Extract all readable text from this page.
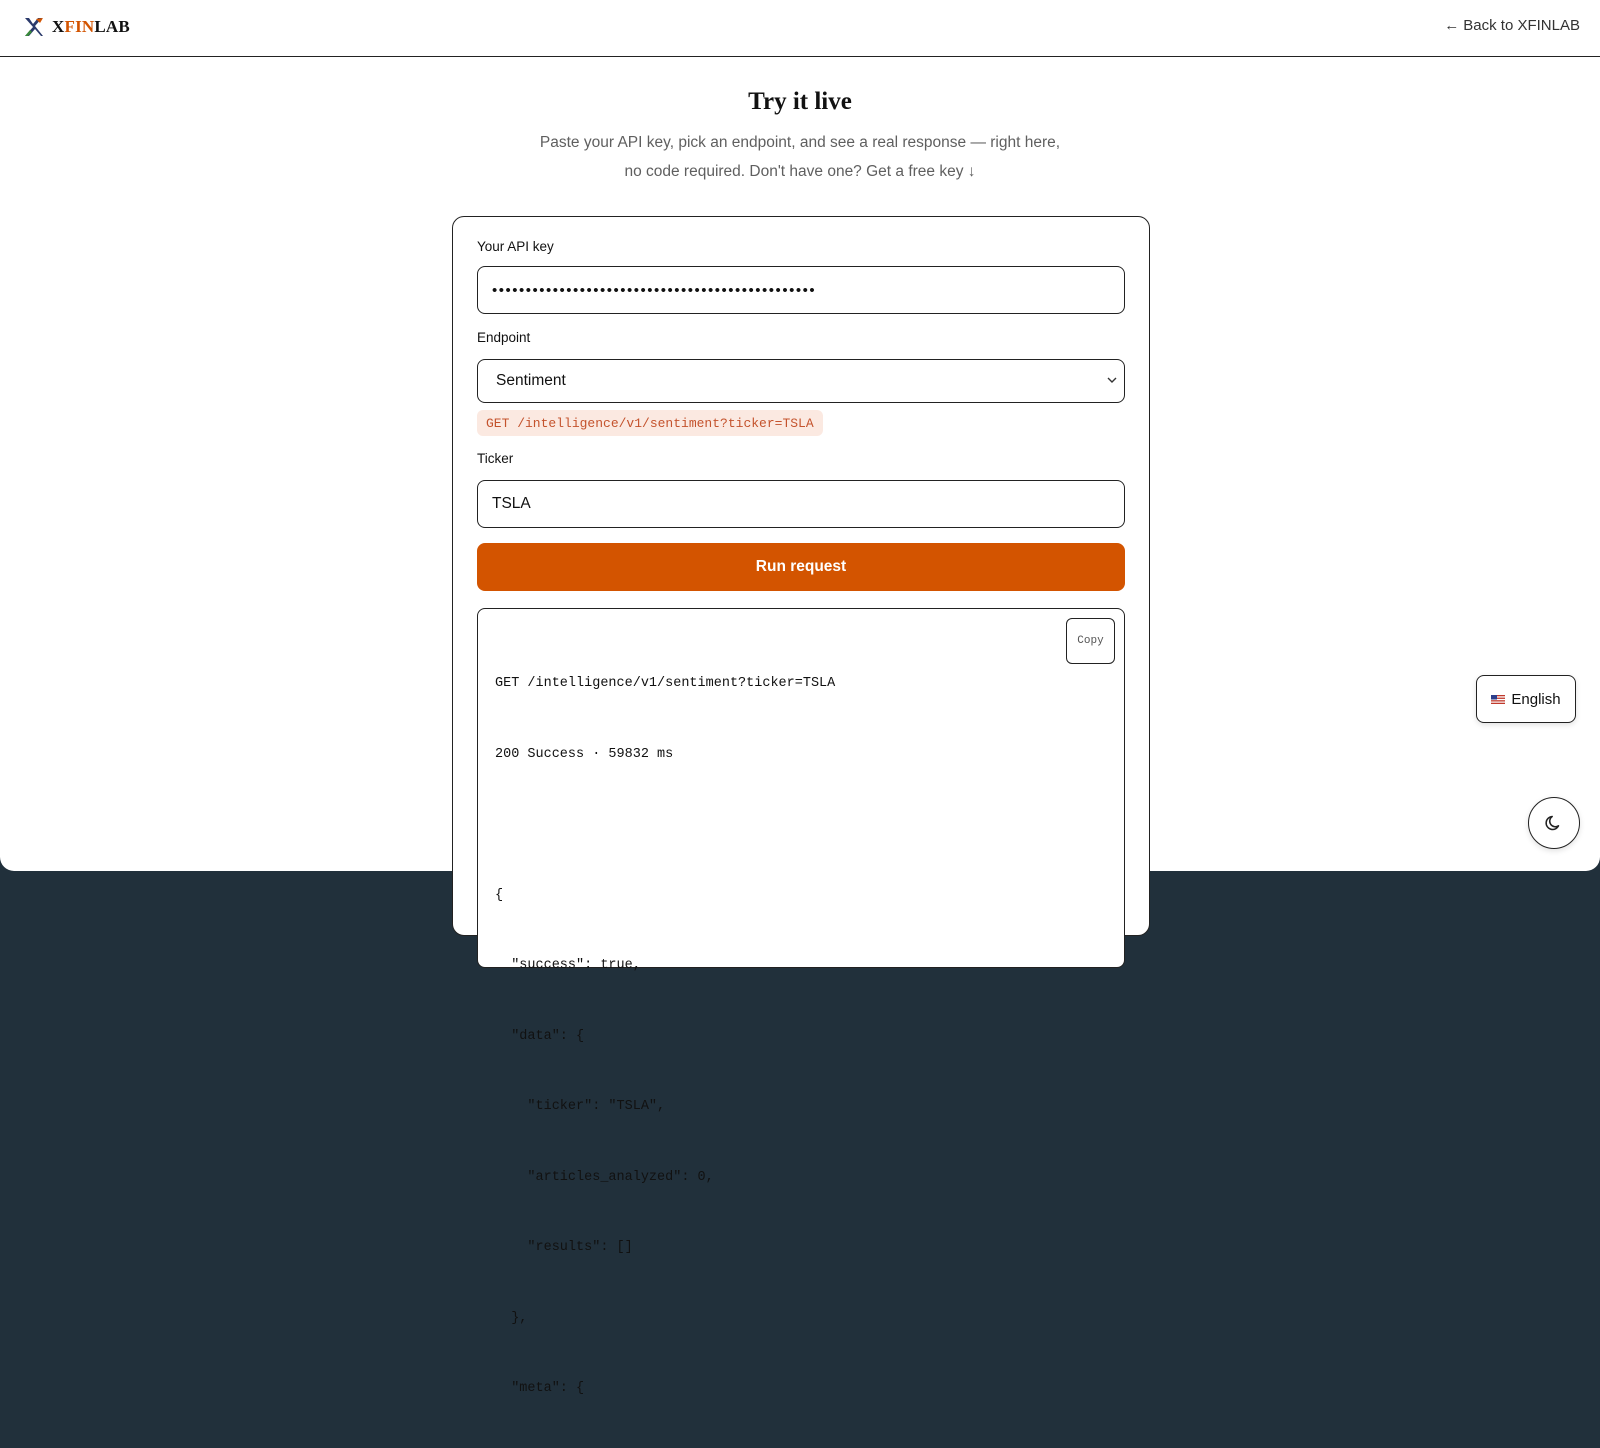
XFINLAB	← Back to XFINLAB
Try it live

Paste your API key, pick an endpoint, and see a real response — right here,
no code required. Don't have one? Get a free key ↓

Your API key
••••••••••••••••••••••••••••••••••••••••••••••••
Endpoint
Sentiment
GET /intelligence/v1/sentiment?ticker=TSLA
Ticker
TSLA
Run request

GET /intelligence/v1/sentiment?ticker=TSLA

200 Success · 59832 ms

{

"success": true,

"data": {

"ticker": "TSLA",

"articles_analyzed": 0,

"results": []

},

"meta": {

Copy
English
